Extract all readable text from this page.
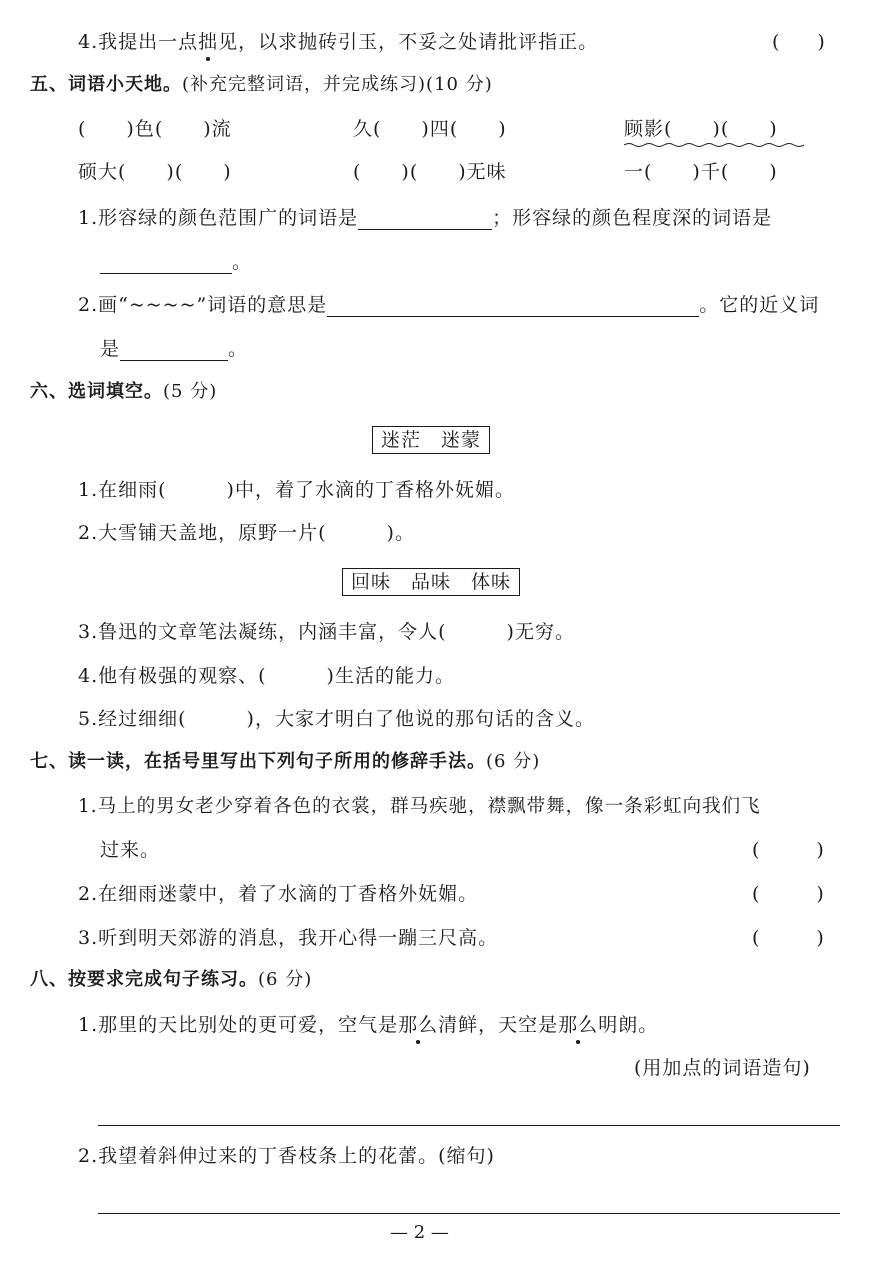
4.我提出一点拙见，以求抛砖引玉，不妥之处请批评指正。	(　　)
五、词语小天地。(补充完整词语，并完成练习)(10 分)
(　　)色(　　)流	久(　　)四(　　)	顾影(　　)(　　)
硕大(　　)(　　)	(　　)(　　)无味	一(　　)千(　　)
1.形容绿的颜色范围广的词语是	；形容绿的颜色程度深的词语是
。
2.画“~~~~”词语的意思是	。它的近义词
是	。
六、选词填空。(5 分)
迷茫　迷蒙
1.在细雨(　　　)中，着了水滴的丁香格外妩媚。
2.大雪铺天盖地，原野一片(　　　)。
回味　品味　体味
3.鲁迅的文章笔法凝练，内涵丰富，令人(　　　)无穷。
4.他有极强的观察、(　　　)生活的能力。
5.经过细细(　　　)，大家才明白了他说的那句话的含义。
七、读一读，在括号里写出下列句子所用的修辞手法。(6 分)
1.马上的男女老少穿着各色的衣裳，群马疾驰，襟飘带舞，像一条彩虹向我们飞
过来。	(　　　)
2.在细雨迷蒙中，着了水滴的丁香格外妩媚。	(　　　)
3.听到明天郊游的消息，我开心得一蹦三尺高。	(　　　)
八、按要求完成句子练习。(6 分)
1.那里的天比别处的更可爱，空气是那么清鲜，天空是那么明朗。
(用加点的词语造句)
2.我望着斜伸过来的丁香枝条上的花蕾。(缩句)
— 2 —
